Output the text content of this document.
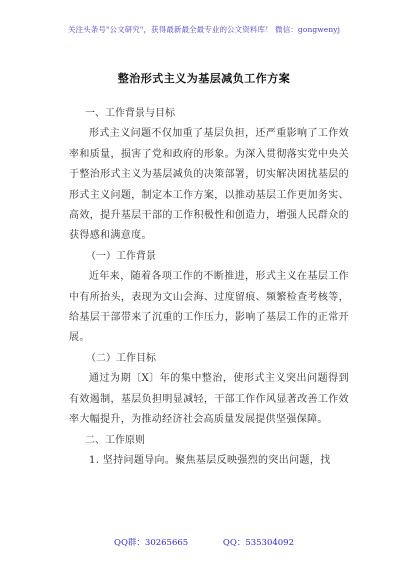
关注头条号"公文研究"，获得最新最全最专业的公文资料库！ 微信：gongwenyj
整治形式主义为基层减负工作方案

一、工作背景与目标

形式主义问题不仅加重了基层负担，还严重影响了工作效率和质量，损害了党和政府的形象。为深入贯彻落实党中央关于整治形式主义为基层减负的决策部署，切实解决困扰基层的形式主义问题，制定本工作方案，以推动基层工作更加务实、高效，提升基层干部的工作积极性和创造力，增强人民群众的获得感和满意度。

（一）工作背景

近年来，随着各项工作的不断推进，形式主义在基层工作中有所抬头，表现为文山会海、过度留痕、频繁检查考核等，给基层干部带来了沉重的工作压力，影响了基层工作的正常开展。

（二）工作目标

通过为期〔X〕年的集中整治，使形式主义突出问题得到有效遏制，基层负担明显减轻，干部工作作风显著改善工作效率大幅提升，为推动经济社会高质量发展提供坚强保障。

二、工作原则

1. 坚持问题导向。聚焦基层反映强烈的突出问题，找

QQ群：30265665	QQ：535304092
